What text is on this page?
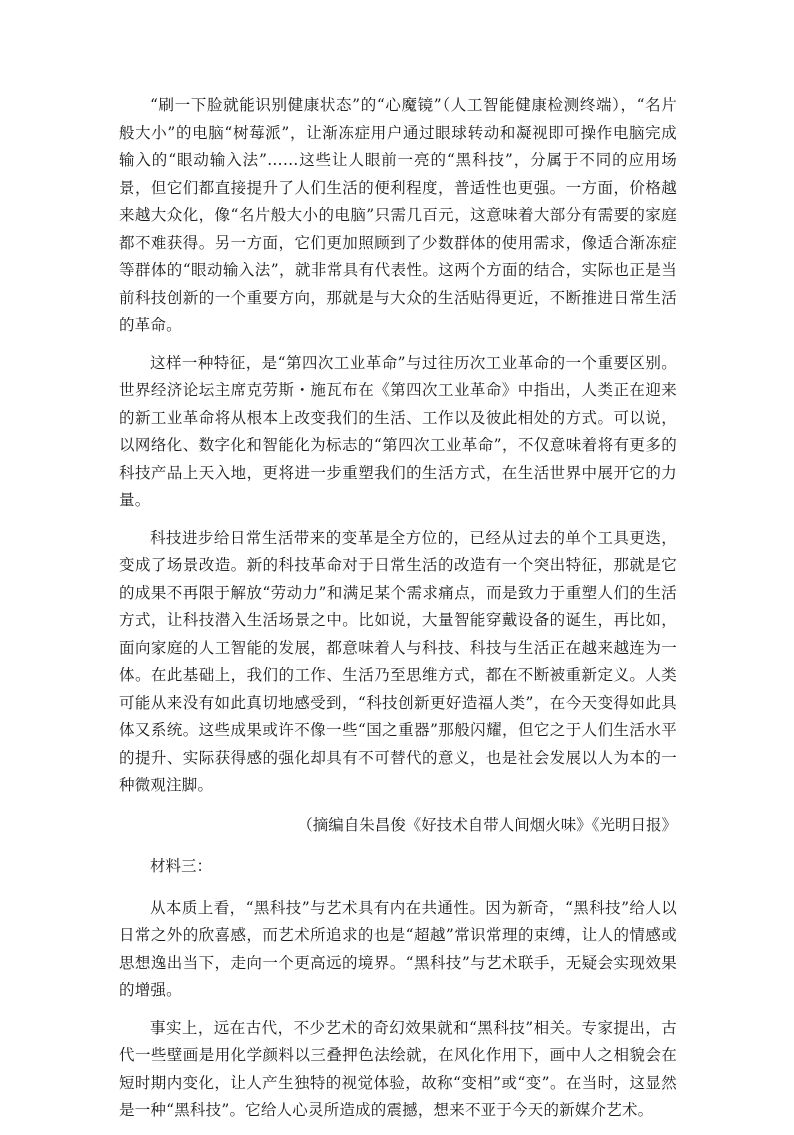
“刷一下脸就能识别健康状态”的“心魔镜”（人工智能健康检测终端），“名片般大小”的电脑“树莓派”，让渐冻症用户通过眼球转动和凝视即可操作电脑完成输入的“眼动输入法”……这些让人眼前一亮的“黑科技”，分属于不同的应用场景，但它们都直接提升了人们生活的便利程度，普适性也更强。一方面，价格越来越大众化，像“名片般大小的电脑”只需几百元，这意味着大部分有需要的家庭都不难获得。另一方面，它们更加照顾到了少数群体的使用需求，像适合渐冻症等群体的“眼动输入法”，就非常具有代表性。这两个方面的结合，实际也正是当前科技创新的一个重要方向，那就是与大众的生活贴得更近，不断推进日常生活的革命。

这样一种特征，是“第四次工业革命”与过往历次工业革命的一个重要区别。世界经济论坛主席克劳斯・施瓦布在《第四次工业革命》中指出，人类正在迎来的新工业革命将从根本上改变我们的生活、工作以及彼此相处的方式。可以说，以网络化、数字化和智能化为标志的“第四次工业革命”，不仅意味着将有更多的科技产品上天入地，更将进一步重塑我们的生活方式，在生活世界中展开它的力量。

科技进步给日常生活带来的变革是全方位的，已经从过去的单个工具更迭，变成了场景改造。新的科技革命对于日常生活的改造有一个突出特征，那就是它的成果不再限于解放“劳动力”和满足某个需求痛点，而是致力于重塑人们的生活方式，让科技潜入生活场景之中。比如说，大量智能穿戴设备的诞生，再比如，面向家庭的人工智能的发展，都意味着人与科技、科技与生活正在越来越连为一体。在此基础上，我们的工作、生活乃至思维方式，都在不断被重新定义。人类可能从来没有如此真切地感受到，“科技创新更好造福人类”，在今天变得如此具体又系统。这些成果或许不像一些“国之重器”那般闪耀，但它之于人们生活水平的提升、实际获得感的强化却具有不可替代的意义，也是社会发展以人为本的一种微观注脚。

（摘编自朱昌俊《好技术自带人间烟火味》《光明日报》

材料三：

从本质上看，“黑科技”与艺术具有内在共通性。因为新奇，“黑科技”给人以日常之外的欣喜感，而艺术所追求的也是“超越”常识常理的束缚，让人的情感或思想逸出当下，走向一个更高远的境界。“黑科技”与艺术联手，无疑会实现效果的增强。

事实上，远在古代，不少艺术的奇幻效果就和“黑科技”相关。专家提出，古代一些壁画是用化学颜料以三叠押色法绘就，在风化作用下，画中人之相貌会在短时期内变化，让人产生独特的视觉体验，故称“变相”或“变”。在当时，这显然是一种“黑科技”。它给人心灵所造成的震撼，想来不亚于今天的新媒介艺术。
